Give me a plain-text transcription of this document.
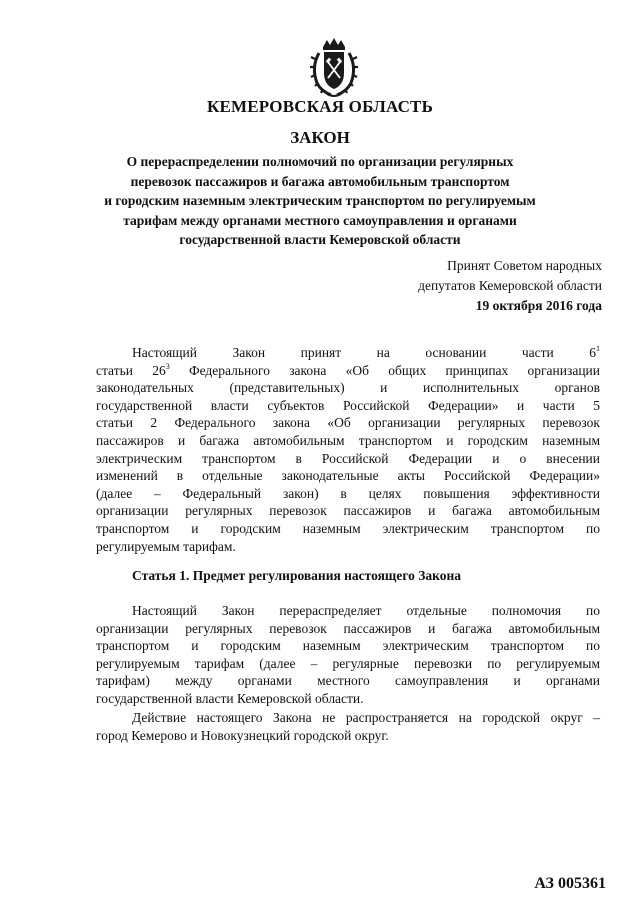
КЕМЕРОВСКАЯ ОБЛАСТЬ
ЗАКОН
О перераспределении полномочий по организации регулярных
перевозок пассажиров и багажа автомобильным транспортом
и городским наземным электрическим транспортом по регулируемым
тарифам между органами местного самоуправления и органами
государственной власти Кемеровской области
Принят Советом народных
депутатов Кемеровской области
19 октября 2016 года
Настоящий Закон принят на основании части $6^1$
статьи $26^3$ Федерального закона «Об общих принципах организации
законодательных (представительных) и исполнительных органов
государственной власти субъектов Российской Федерации» и части 5
статьи 2 Федерального закона «Об организации регулярных перевозок
пассажиров и багажа автомобильным транспортом и городским наземным
электрическим транспортом в Российской Федерации и о внесении
изменений в отдельные законодательные акты Российской Федерации»
(далее – Федеральный закон) в целях повышения эффективности
организации регулярных перевозок пассажиров и багажа автомобильным
транспортом и городским наземным электрическим транспортом по
регулируемым тарифам.
Статья 1. Предмет регулирования настоящего Закона
Настоящий Закон перераспределяет отдельные полномочия по
организации регулярных перевозок пассажиров и багажа автомобильным
транспортом и городским наземным электрическим транспортом по
регулируемым тарифам (далее – регулярные перевозки по регулируемым
тарифам) между органами местного самоуправления и органами
государственной власти Кемеровской области.
Действие настоящего Закона не распространяется на городской округ –
город Кемерово и Новокузнецкий городской округ.
АЗ 005361
